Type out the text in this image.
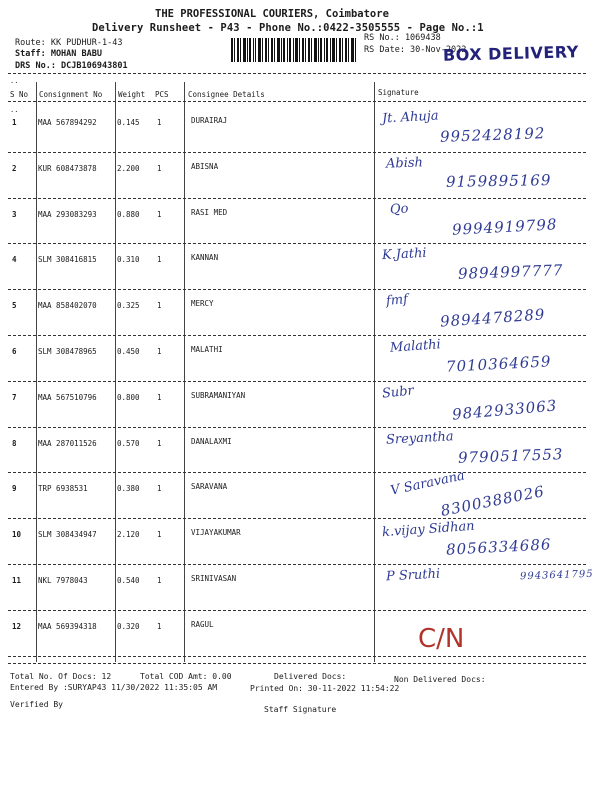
THE PROFESSIONAL COURIERS, Coimbatore
Delivery Runsheet - P43 - Phone No.:0422-3505555 - Page No.:1
Route: KK PUDHUR-1-43
Staff: MOHAN BABU
DRS No.: DCJB106943801
RS No.: 1069438
RS Date: 30-Nov-2022
BOX DELIVERY
..
S No Consignment No Weight PCS	Consignee Details	Signature
..
1	MAA 567894292	0.145 1	DURAIRAJ	Jt. Ahuja
9952428192
2	KUR 608473878	2.200 1	ABISNA	Abish
9159895169
3	MAA 293083293	0.880 1	RASI MED	Qo
9994919798
4	SLM 308416815	0.310 1	KANNAN	K.Jathi
9894997777
5	MAA 858402070	0.325 1	MERCY	fmf
9894478289
6	SLM 308478965	0.450 1	MALATHI	Malathi
7010364659
7	MAA 567510796	0.800 1	SUBRAMANIYAN	Subr
9842933063
8	MAA 287011526	0.570 1	DANALAXMI	Sreyantha
9790517553
9	TRP 6938531	0.380 1	SARAVANA	V Saravana
8300388026
10 SLM 308434947	2.120 1	VIJAYAKUMAR	k.vijay Sidhan
8056334686
11 NKL 7978043	0.540 1	SRINIVASAN	P Sruthi	9943641795
12 MAA 569394318	0.320 1	RAGUL	C/N
Total No. Of Docs: 12	Total COD Amt: 0.00	Delivered Docs:	Non Delivered Docs:
Entered By :SURYAP43 11/30/2022 11:35:05 AM	Printed On: 30-11-2022 11:54:22
Verified By
Staff Signature
